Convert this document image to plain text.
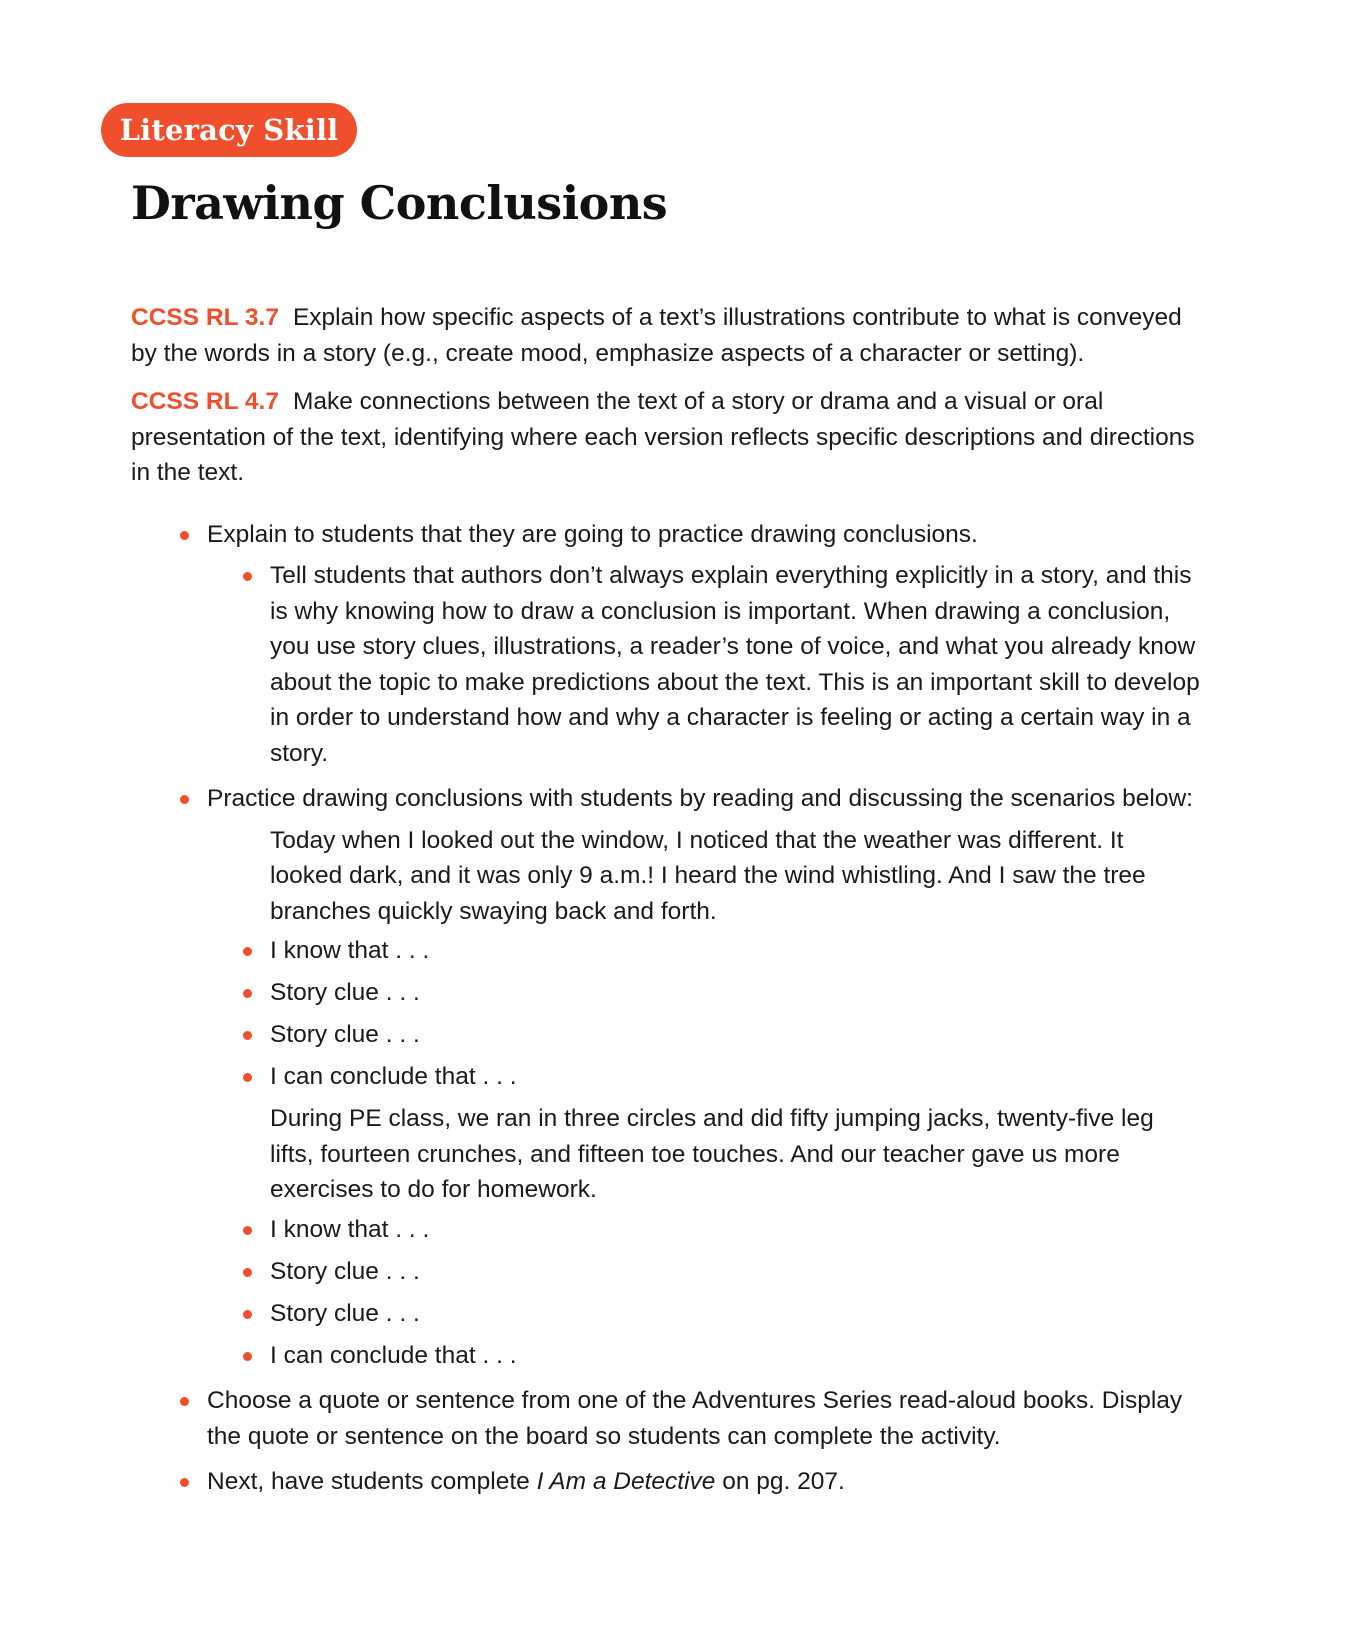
Literacy Skill
Drawing Conclusions

CCSS RL 3.7 Explain how specific aspects of a text’s illustrations contribute to what is conveyed by the words in a story (e.g., create mood, emphasize aspects of a character or setting).

CCSS RL 4.7 Make connections between the text of a story or drama and a visual or oral presentation of the text, identifying where each version reflects specific descriptions and directions in the text.

Explain to students that they are going to practice drawing conclusions.
Tell students that authors don’t always explain everything explicitly in a story, and this is why knowing how to draw a conclusion is important. When drawing a conclusion, you use story clues, illustrations, a reader’s tone of voice, and what you already know about the topic to make predictions about the text. This is an important skill to develop in order to understand how and why a character is feeling or acting a certain way in a story.
Practice drawing conclusions with students by reading and discussing the scenarios below:

Today when I looked out the window, I noticed that the weather was different. It looked dark, and it was only 9 a.m.! I heard the wind whistling. And I saw the tree branches quickly swaying back and forth.

I know that . . .
Story clue . . .
Story clue . . .
I can conclude that . . .

During PE class, we ran in three circles and did fifty jumping jacks, twenty-five leg lifts, fourteen crunches, and fifteen toe touches. And our teacher gave us more exercises to do for homework.

I know that . . .
Story clue . . .
Story clue . . .
I can conclude that . . .
Choose a quote or sentence from one of the Adventures Series read-aloud books. Display the quote or sentence on the board so students can complete the activity.
Next, have students complete I Am a Detective on pg. 207.
